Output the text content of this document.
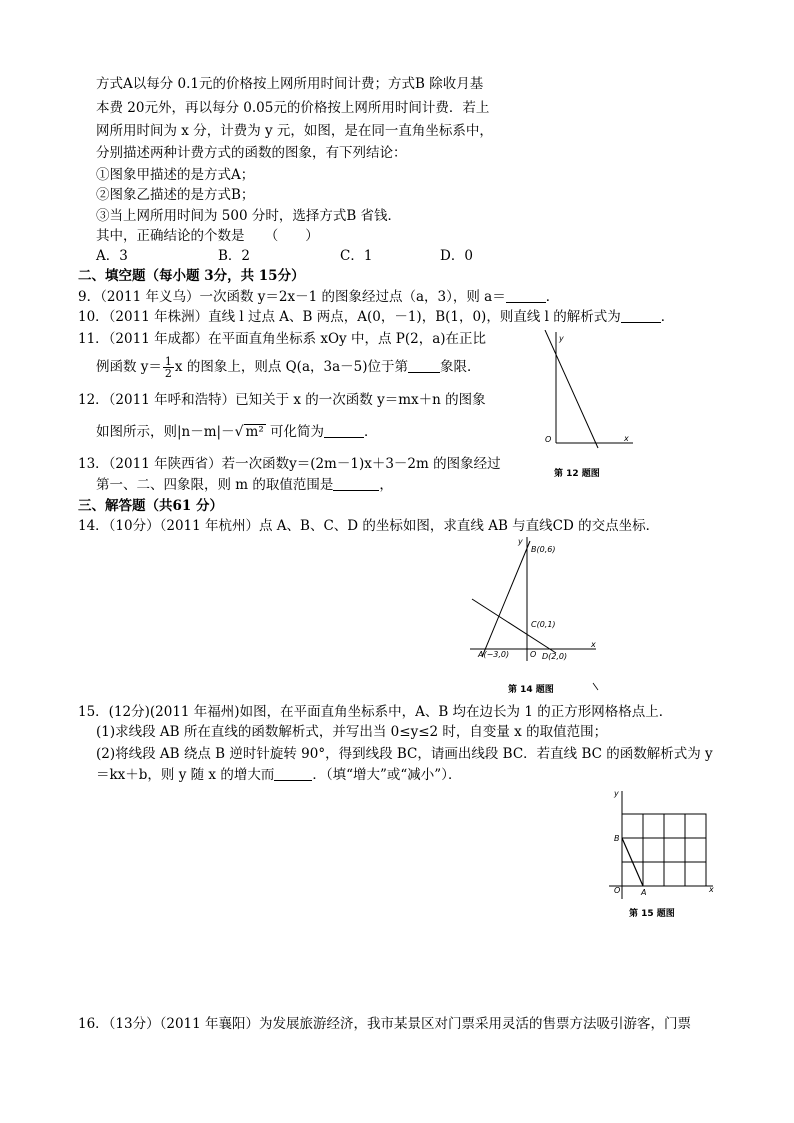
方式A以每分 0.1元的价格按上网所用时间计费；方式B 除收月基
本费 20元外，再以每分 0.05元的价格按上网所用时间计费．若上
网所用时间为 x 分，计费为 y 元，如图，是在同一直角坐标系中，
分别描述两种计费方式的函数的图象，有下列结论：
①图象甲描述的是方式A；
②图象乙描述的是方式B；
③当上网所用时间为 500 分时，选择方式B 省钱．
其中，正确结论的个数是　　（　　）
A．3	B．2	C．1	D．0
二、填空题（每小题 3分，共 15分）
9．（2011 年义乌）一次函数 y＝2x－1 的图象经过点（a，3），则 a＝	．
10．（2011 年株洲）直线 l 过点 A、B 两点，A(0，－1)，B(1，0)，则直线 l 的解析式为	．
11．（2011 年成都）在平面直角坐标系 xOy 中，点 P(2，a)在正比
例函数 $y= \frac{1}{2}$ x 的图象上，则点 Q(a，3a－5)位于第 象限．
12．（2011 年呼和浩特）已知关于 x 的一次函数 y＝mx＋n 的图象
如图所示，则|n－m|－√ m² 可化简为	．
13．（2011 年陕西省）若一次函数y＝(2m－1)x＋3－2m 的图象经过
第一、二、四象限，则 m 的取值范围是	，
y
x
O
第 12 题图
三、解答题（共61 分）
14．（10分）（2011 年杭州）点 A、B、C、D 的坐标如图，求直线 AB 与直线CD 的交点坐标．
y
x
B(0,6)
C(0,1)
A(−3,0)	D(2,0)
O
第 14 题图
15．(12分)(2011 年福州)如图，在平面直角坐标系中，A、B 均在边长为 1 的正方形网格格点上．
(1)求线段 AB 所在直线的函数解析式，并写出当 0≤y≤2 时，自变量 x 的取值范围；
(2)将线段 AB 绕点 B 逆时针旋转 90°，得到线段 BC，请画出线段 BC．若直线 BC 的函数解析式为 y
＝kx＋b，则 y 随 x 的增大而	．（填“增大”或“减小”）．
y
x
B
A
O
第 15 题图
16．（13分）（2011 年襄阳）为发展旅游经济，我市某景区对门票采用灵活的售票方法吸引游客，门票
